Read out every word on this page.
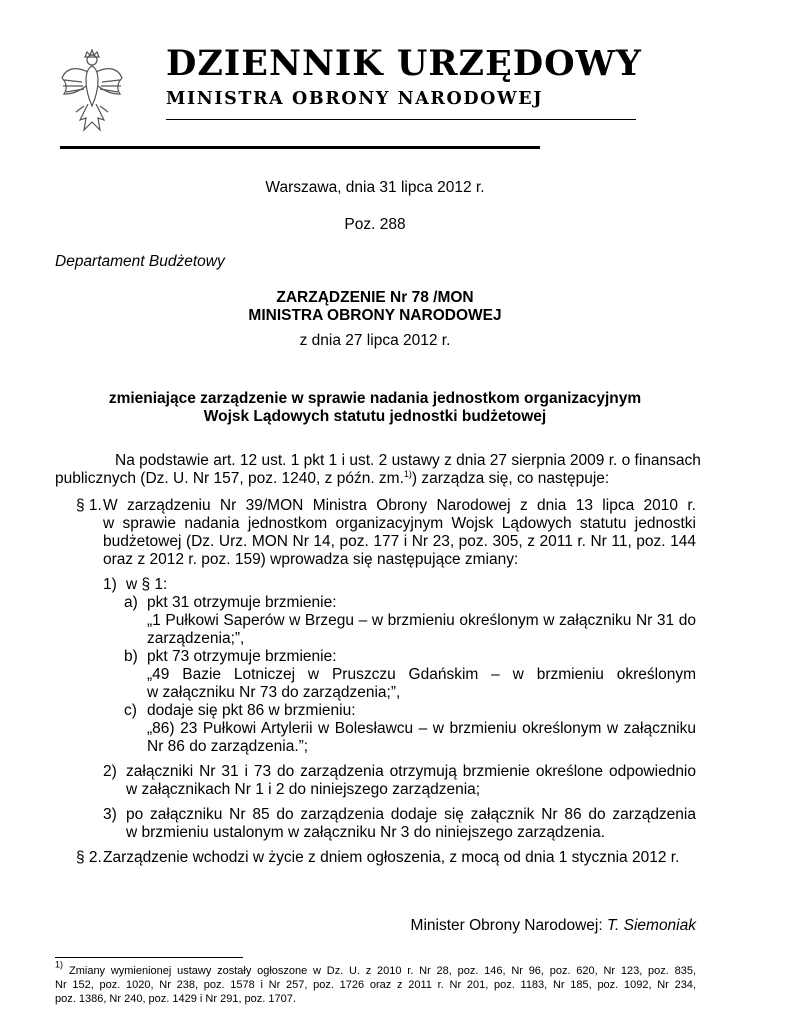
DZIENNIK URZĘDOWY
MINISTRA OBRONY NARODOWEJ
Warszawa, dnia 31 lipca 2012 r.
Poz. 288
Departament Budżetowy
ZARZĄDZENIE Nr 78 /MON
MINISTRA OBRONY NARODOWEJ
z dnia 27 lipca 2012 r.
zmieniające zarządzenie w sprawie nadania jednostkom organizacyjnym
Wojsk Lądowych statutu jednostki budżetowej
Na podstawie art. 12 ust. 1 pkt 1 i ust. 2 ustawy z dnia 27 sierpnia 2009 r. o finansach
publicznych (Dz. U. Nr 157, poz. 1240, z późn. zm.$^{1)}$) zarządza się, co następuje:
§ 1. W zarządzeniu Nr 39/MON Ministra Obrony Narodowej z dnia 13 lipca 2010 r.
w sprawie nadania jednostkom organizacyjnym Wojsk Lądowych statutu jednostki
budżetowej (Dz. Urz. MON Nr 14, poz. 177 i Nr 23, poz. 305, z 2011 r. Nr 11, poz. 144
oraz z 2012 r. poz. 159) wprowadza się następujące zmiany:
1) w § 1:
a) pkt 31 otrzymuje brzmienie:
„1 Pułkowi Saperów w Brzegu – w brzmieniu określonym w załączniku Nr 31 do
zarządzenia;”,
b) pkt 73 otrzymuje brzmienie:
„49 Bazie Lotniczej w Pruszczu Gdańskim – w brzmieniu określonym
w załączniku Nr 73 do zarządzenia;”,
c) dodaje się pkt 86 w brzmieniu:
„86) 23 Pułkowi Artylerii w Bolesławcu – w brzmieniu określonym w załączniku
Nr 86 do zarządzenia.”;
2) załączniki Nr 31 i 73 do zarządzenia otrzymują brzmienie określone odpowiednio
w załącznikach Nr 1 i 2 do niniejszego zarządzenia;
3) po załączniku Nr 85 do zarządzenia dodaje się załącznik Nr 86 do zarządzenia
w brzmieniu ustalonym w załączniku Nr 3 do niniejszego zarządzenia.
§ 2. Zarządzenie wchodzi w życie z dniem ogłoszenia, z mocą od dnia 1 stycznia 2012 r.
Minister Obrony Narodowej: T. Siemoniak
$^{1)}$
Zmiany wymienionej ustawy zostały ogłoszone w Dz. U. z 2010 r. Nr 28, poz. 146, Nr 96, poz. 620, Nr 123, poz. 835,
Nr 152, poz. 1020, Nr 238, poz. 1578 i Nr 257, poz. 1726 oraz z 2011 r. Nr 201, poz. 1183, Nr 185, poz. 1092, Nr 234,
poz. 1386, Nr 240, poz. 1429 i Nr 291, poz. 1707.
